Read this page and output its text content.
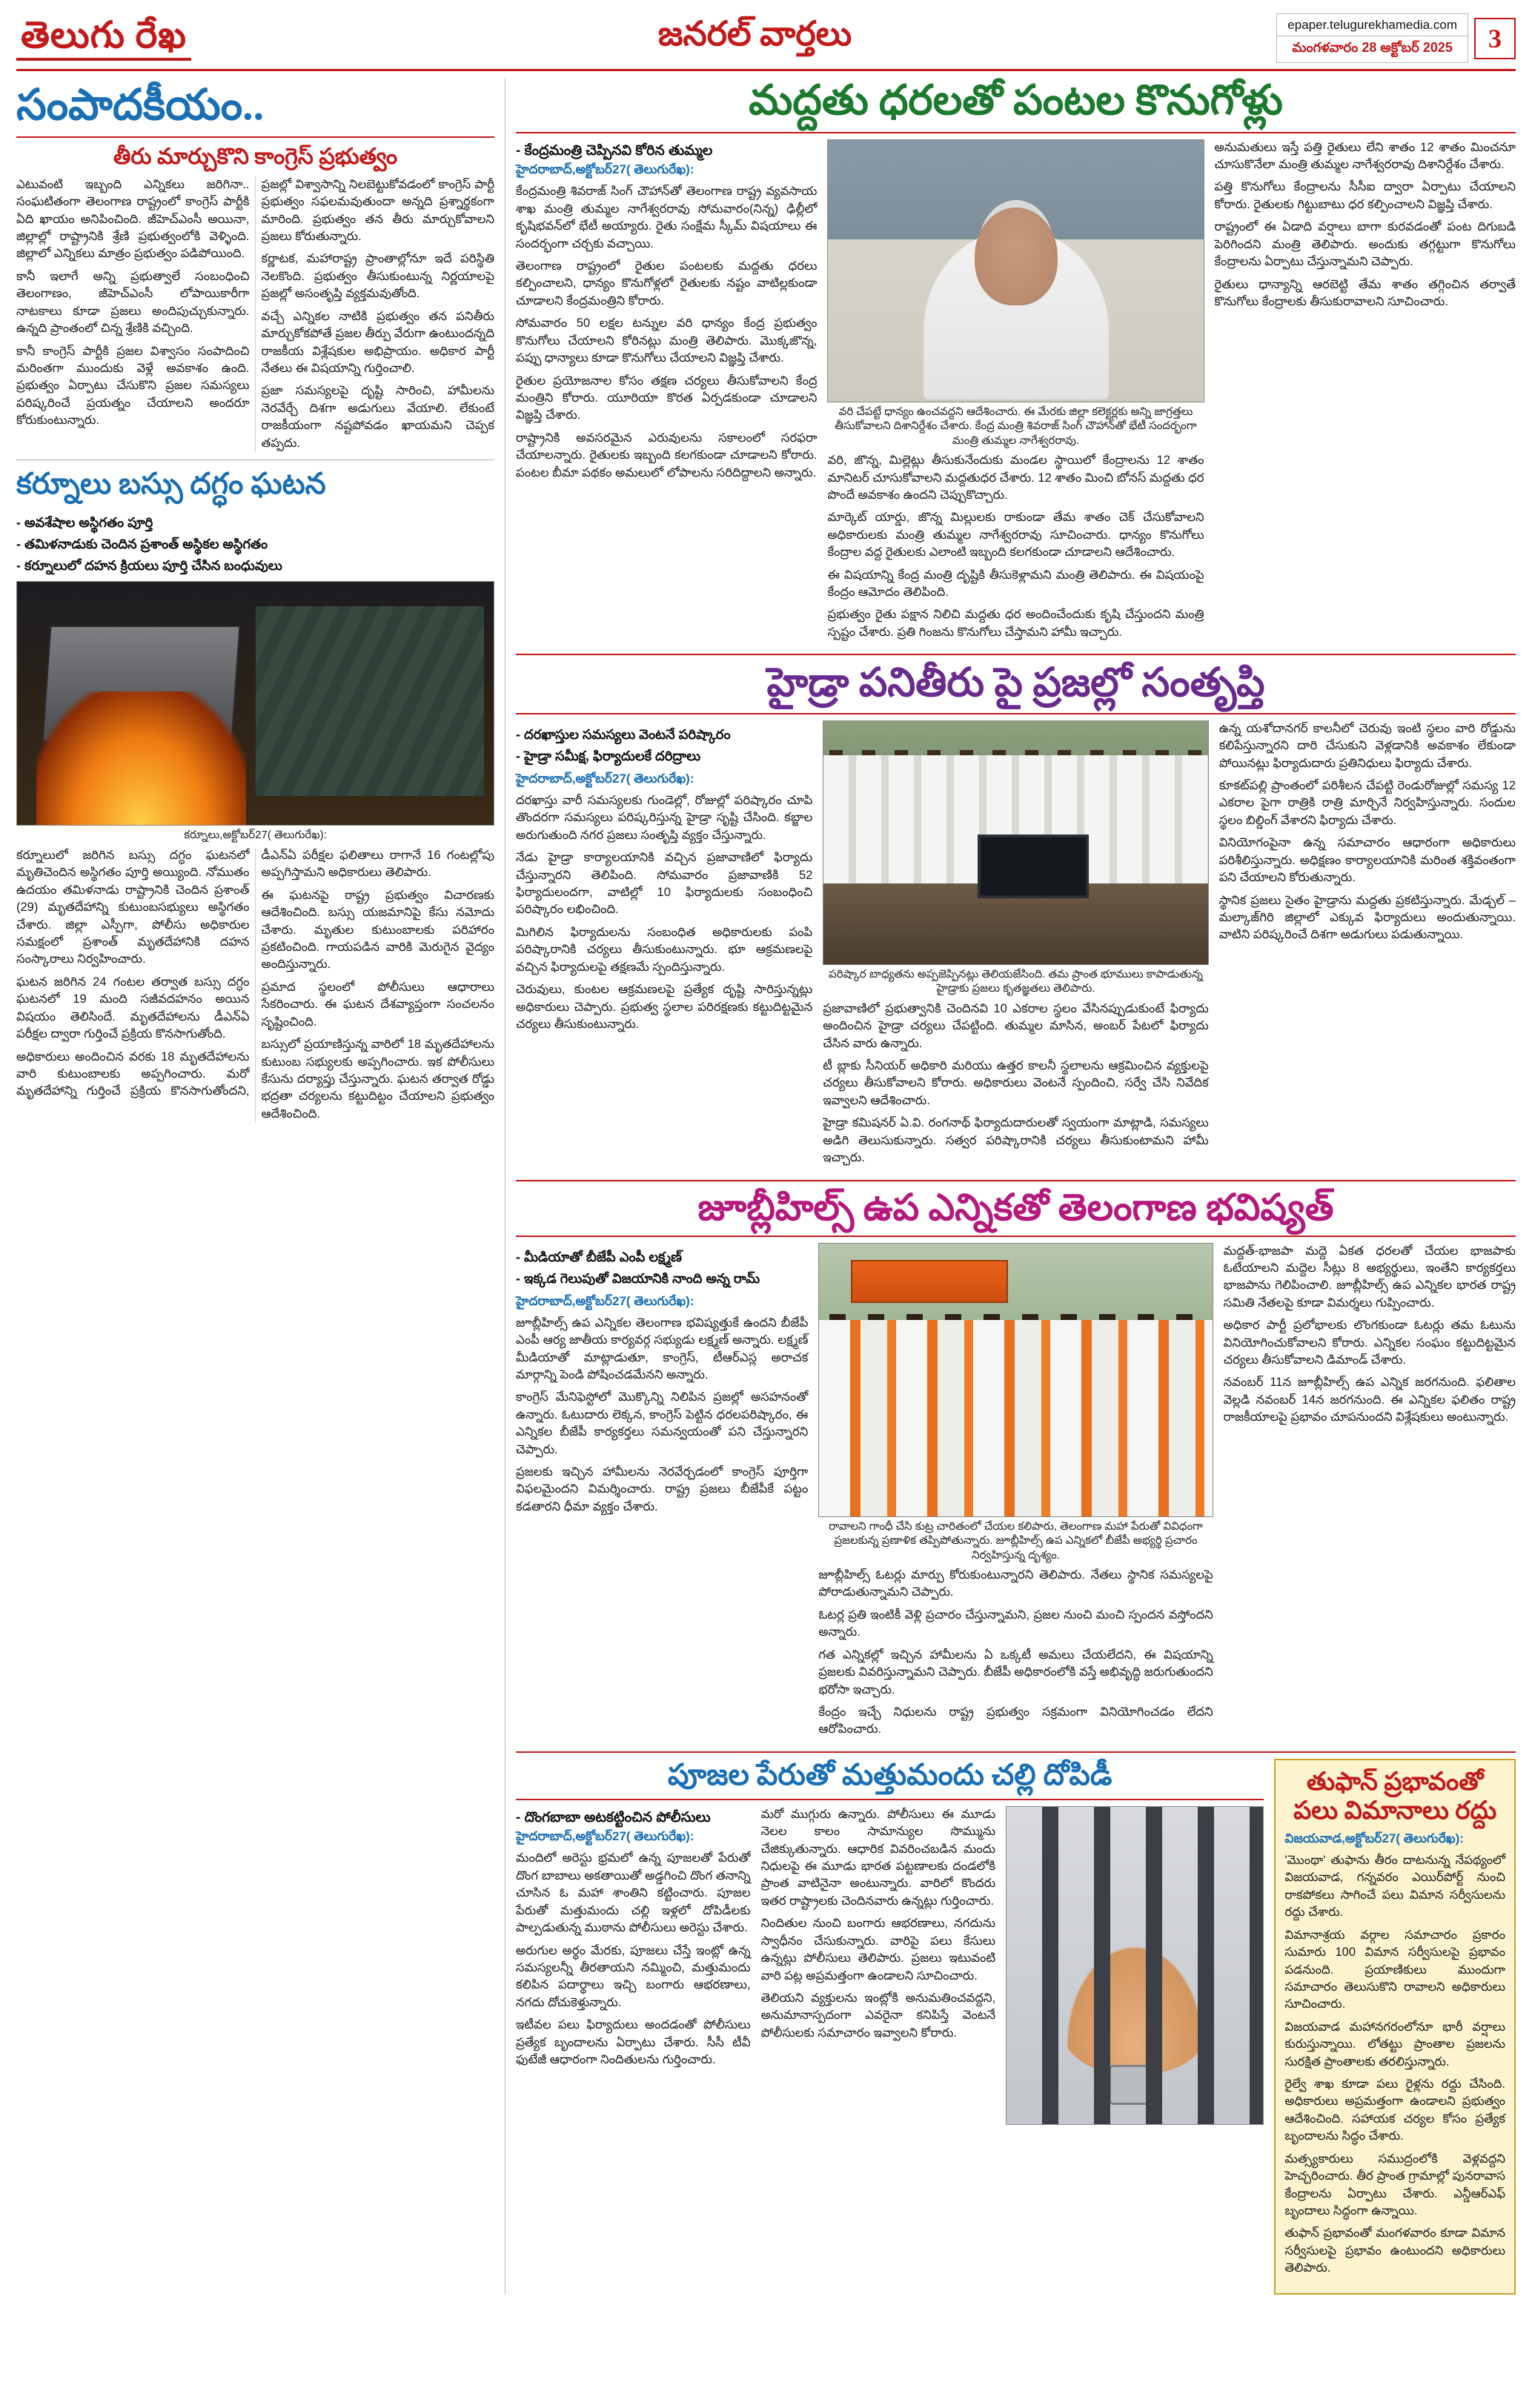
తెలుగు రేఖ	జనరల్ వార్తలు	epaper.telugurekhamedia.com
మంగళవారం 28 అక్టోబర్ 2025	3
సంపాదకీయం..
తీరు మార్చుకొని కాంగ్రెస్ ప్రభుత్వం

ఎటువంటి ఇబ్బంది ఎన్నికలు జరిగినా.. సంఘటితంగా తెలంగాణ రాష్ట్రంలో కాంగ్రెస్ పార్టీకి ఏది ఖాయం అనిపించింది. జీహెచ్ఎంసీ అయినా, జిల్లాల్లో రాష్ట్రానికి శ్రేణి ప్రభుత్వంలోకి వెళ్ళింది. జిల్లాలో ఎన్నికలు మాత్రం ప్రభుత్వం పడిపోయింది.

కానీ ఇలాగే అన్ని ప్రభుత్వాలే సంబంధించి తెలంగాణం, జీహెచ్ఎంసీ లోపాయికారీగా నాటకాలు కూడా ప్రజలు అందిపుచ్చుకున్నారు. ఉన్నది ప్రాంతంలో చిన్న శ్రేణికి వచ్చింది.

కానీ కాంగ్రెస్ పార్టీకి ప్రజల విశ్వాసం సంపాదించి మరింతగా ముందుకు వెళ్లే అవకాశం ఉంది. ప్రభుత్వం ఏర్పాటు చేసుకొని ప్రజల సమస్యలు పరిష్కరించే ప్రయత్నం చేయాలని అందరూ కోరుకుంటున్నారు.

ప్రజల్లో విశ్వాసాన్ని నిలబెట్టుకోవడంలో కాంగ్రెస్ పార్టీ ప్రభుత్వం సఫలమవుతుందా అన్నది ప్రశ్నార్థకంగా మారింది. ప్రభుత్వం తన తీరు మార్చుకోవాలని ప్రజలు కోరుతున్నారు.

కర్ణాటక, మహారాష్ట్ర ప్రాంతాల్లోనూ ఇదే పరిస్థితి నెలకొంది. ప్రభుత్వం తీసుకుంటున్న నిర్ణయాలపై ప్రజల్లో అసంతృప్తి వ్యక్తమవుతోంది.

వచ్చే ఎన్నికల నాటికి ప్రభుత్వం తన పనితీరు మార్చుకోకపోతే ప్రజల తీర్పు వేరుగా ఉంటుందన్నది రాజకీయ విశ్లేషకుల అభిప్రాయం. అధికార పార్టీ నేతలు ఈ విషయాన్ని గుర్తించాలి.

ప్రజా సమస్యలపై దృష్టి సారించి, హామీలను నెరవేర్చే దిశగా అడుగులు వేయాలి. లేకుంటే రాజకీయంగా నష్టపోవడం ఖాయమని చెప్పక తప్పదు.

కర్నూలు బస్సు దగ్ధం ఘటన
- అవశేషాల అస్థిగతం పూర్తి
- తమిళనాడుకు చెందిన ప్రశాంత్ అస్థికల అస్థిగతం
- కర్నూలులో దహన క్రియలు పూర్తి చేసిన బంధువులు
కర్నూలు,అక్టోబర్27( తెలుగురేఖ):

కర్నూలులో జరిగిన బస్సు దగ్ధం ఘటనలో మృతిచెందిన అస్థిగతం పూర్తి అయ్యింది. నోముతం ఉదయం తమిళనాడు రాష్ట్రానికి చెందిన ప్రశాంత్ (29) మృతదేహాన్ని కుటుంబసభ్యులు అస్థిగతం చేశారు. జిల్లా ఎస్పీగా, పోలీసు అధికారుల సమక్షంలో ప్రశాంత్ మృతదేహానికి దహన సంస్కారాలు నిర్వహించారు.

ఘటన జరిగిన 24 గంటల తర్వాత బస్సు దగ్ధం ఘటనలో 19 మంది సజీవదహనం అయిన విషయం తెలిసిందే. మృతదేహాలను డీఎన్ఏ పరీక్షల ద్వారా గుర్తించే ప్రక్రియ కొనసాగుతోంది.

అధికారులు అందించిన వరకు 18 మృతదేహాలను వారి కుటుంబాలకు అప్పగించారు. మరో మృతదేహాన్ని గుర్తించే ప్రక్రియ కొనసాగుతోందని, డీఎన్ఏ పరీక్షల ఫలితాలు రాగానే 16 గంటల్లోపు అప్పగిస్తామని అధికారులు తెలిపారు.

ఈ ఘటనపై రాష్ట్ర ప్రభుత్వం విచారణకు ఆదేశించింది. బస్సు యజమానిపై కేసు నమోదు చేశారు. మృతుల కుటుంబాలకు పరిహారం ప్రకటించింది. గాయపడిన వారికి మెరుగైన వైద్యం అందిస్తున్నారు.

ప్రమాద స్థలంలో పోలీసులు ఆధారాలు సేకరించారు. ఈ ఘటన దేశవ్యాప్తంగా సంచలనం సృష్టించింది.

బస్సులో ప్రయాణిస్తున్న వారిలో 18 మృతదేహాలను కుటుంబ సభ్యులకు అప్పగించారు. ఇక పోలీసులు కేసును దర్యాప్తు చేస్తున్నారు. ఘటన తర్వాత రోడ్డు భద్రతా చర్యలను కట్టుదిట్టం చేయాలని ప్రభుత్వం ఆదేశించింది.

మద్దతు ధరలతో పంటల కొనుగోళ్లు
- కేంద్రమంత్రి చెప్పినవి కోరిన తుమ్మల
హైదరాబాద్,అక్టోబర్27( తెలుగురేఖ):

కేంద్రమంత్రి శివరాజ్ సింగ్ చౌహాన్‌తో తెలంగాణ రాష్ట్ర వ్యవసాయ శాఖ మంత్రి తుమ్మల నాగేశ్వరరావు సోమవారం(నిన్న) ఢిల్లీలో కృషిభవన్‌లో భేటీ అయ్యారు. రైతు సంక్షేమ స్కీమ్ విషయాలు ఈ సందర్భంగా చర్చకు వచ్చాయి.

తెలంగాణ రాష్ట్రంలో రైతుల పంటలకు మద్దతు ధరలు కల్పించాలని, ధాన్యం కొనుగోళ్లలో రైతులకు నష్టం వాటిల్లకుండా చూడాలని కేంద్రమంత్రిని కోరారు.

సోమవారం 50 లక్షల టన్నుల వరి ధాన్యం కేంద్ర ప్రభుత్వం కొనుగోలు చేయాలని కోరినట్లు మంత్రి తెలిపారు. మొక్కజొన్న, పప్పు ధాన్యాలు కూడా కొనుగోలు చేయాలని విజ్ఞప్తి చేశారు.

రైతుల ప్రయోజనాల కోసం తక్షణ చర్యలు తీసుకోవాలని కేంద్ర మంత్రిని కోరారు. యూరియా కొరత ఏర్పడకుండా చూడాలని విజ్ఞప్తి చేశారు.

రాష్ట్రానికి అవసరమైన ఎరువులను సకాలంలో సరఫరా చేయాలన్నారు. రైతులకు ఇబ్బంది కలగకుండా చూడాలని కోరారు. పంటల బీమా పథకం అమలులో లోపాలను సరిదిద్దాలని అన్నారు.

వరి చేపట్టే ధాన్యం ఉంచవద్దని ఆదేశించారు. ఈ మేరకు జిల్లా కలెక్టర్లకు అన్ని జాగ్రత్తలు తీసుకోవాలని దిశానిర్దేశం చేశారు. కేంద్ర మంత్రి శివరాజ్ సింగ్ చౌహాన్‌తో భేటీ సందర్భంగా మంత్రి తుమ్మల నాగేశ్వరరావు.

వరి, జొన్న, మిల్లెట్లు తీసుకునేందుకు మండల స్థాయిలో కేంద్రాలను 12 శాతం మానిటర్ చూసుకోవాలని మద్దతుధర చేశారు. 12 శాతం మించి బోనస్ మద్దతు ధర పొందే అవకాశం ఉందని చెప్పుకొచ్చారు.

మార్కెట్ యార్డు, జొన్న మిల్లులకు రాకుండా తేమ శాతం చెక్ చేసుకోవాలని అధికారులకు మంత్రి తుమ్మల నాగేశ్వరరావు సూచించారు. ధాన్యం కొనుగోలు కేంద్రాల వద్ద రైతులకు ఎలాంటి ఇబ్బంది కలగకుండా చూడాలని ఆదేశించారు.

ఈ విషయాన్ని కేంద్ర మంత్రి దృష్టికి తీసుకెళ్లామని మంత్రి తెలిపారు. ఈ విషయంపై కేంద్రం ఆమోదం తెలిపింది.

ప్రభుత్వం రైతు పక్షాన నిలిచి మద్దతు ధర అందించేందుకు కృషి చేస్తుందని మంత్రి స్పష్టం చేశారు. ప్రతి గింజను కొనుగోలు చేస్తామని హామీ ఇచ్చారు.

అనుమతులు ఇస్తే పత్తి రైతులు లేని శాతం 12 శాతం మించనూ చూసుకొనేలా మంత్రి తుమ్మల నాగేశ్వరరావు దిశానిర్దేశం చేశారు.

పత్తి కొనుగోలు కేంద్రాలను సీసీఐ ద్వారా ఏర్పాటు చేయాలని కోరారు. రైతులకు గిట్టుబాటు ధర కల్పించాలని విజ్ఞప్తి చేశారు.

రాష్ట్రంలో ఈ ఏడాది వర్షాలు బాగా కురవడంతో పంట దిగుబడి పెరిగిందని మంత్రి తెలిపారు. అందుకు తగ్గట్టుగా కొనుగోలు కేంద్రాలను ఏర్పాటు చేస్తున్నామని చెప్పారు.

రైతులు ధాన్యాన్ని ఆరబెట్టి తేమ శాతం తగ్గించిన తర్వాతే కొనుగోలు కేంద్రాలకు తీసుకురావాలని సూచించారు.

హైడ్రా పనితీరు పై ప్రజల్లో సంతృప్తి
- దరఖాస్తుల సమస్యలు వెంటనే పరిష్కారం
- హైడ్రా సమీక్ష, ఫిర్యాదులకే దరిద్రాలు
హైదరాబాద్,అక్టోబర్27( తెలుగురేఖ):

దరఖాస్తు వారీ సమస్యలకు గుండెల్లో, రోజుల్లో పరిష్కారం చూపి తొందరగా సమస్యలు పరిష్కరిస్తున్న హైడ్రా సృష్టి చేసింది. కబ్జాల అరుగుతుంది నగర ప్రజలు సంతృప్తి వ్యక్తం చేస్తున్నారు.

నేడు హైడ్రా కార్యాలయానికి వచ్చిన ప్రజావాణిలో ఫిర్యాదు చేస్తున్నారని తెలిపింది. సోమవారం ప్రజావాణికి 52 ఫిర్యాదులందగా, వాటిల్లో 10 ఫిర్యాదులకు సంబంధించి పరిష్కారం లభించింది.

మిగిలిన ఫిర్యాదులను సంబంధిత అధికారులకు పంపి పరిష్కారానికి చర్యలు తీసుకుంటున్నారు. భూ ఆక్రమణలపై వచ్చిన ఫిర్యాదులపై తక్షణమే స్పందిస్తున్నారు.

చెరువులు, కుంటల ఆక్రమణలపై ప్రత్యేక దృష్టి సారిస్తున్నట్లు అధికారులు చెప్పారు. ప్రభుత్వ స్థలాల పరిరక్షణకు కట్టుదిట్టమైన చర్యలు తీసుకుంటున్నారు.

పరిష్కార బాధ్యతను అప్పజెప్పినట్లు తెలియజేసింది. తమ ప్రాంత భూములు కాపాడుతున్న హైడ్రాకు ప్రజలు కృతజ్ఞతలు తెలిపారు.

ప్రజావాణిలో ప్రభుత్వానికి చెందినవి 10 ఎకరాల స్థలం వేసినప్పుడుకుంటే ఫిర్యాదు అందించిన హైడ్రా చర్యలు చేపట్టింది. తుమ్మల మాసిన, అంబర్ పేటలో ఫిర్యాదు చేసిన వారు ఉన్నారు.

టీ బ్లాకు సీనియర్ అధికారి మరియు ఉత్తర కాలనీ స్థలాలను ఆక్రమించిన వ్యక్తులపై చర్యలు తీసుకోవాలని కోరారు. అధికారులు వెంటనే స్పందించి, సర్వే చేసి నివేదిక ఇవ్వాలని ఆదేశించారు.

హైడ్రా కమిషనర్ ఏ.వి. రంగనాథ్ ఫిర్యాదుదారులతో స్వయంగా మాట్లాడి, సమస్యలు అడిగి తెలుసుకున్నారు. సత్వర పరిష్కారానికి చర్యలు తీసుకుంటామని హామీ ఇచ్చారు.

ఉన్న యశోదానగర్ కాలనీలో చెరువు ఇంటి స్థలం వారి రోడ్డును కలిపేస్తున్నారని దారి చేసుకుని వెళ్లడానికి అవకాశం లేకుండా పోయినట్లు ఫిర్యాదుదారు ప్రతినిధులు ఫిర్యాదు చేశారు.

కూకట్‌పల్లి ప్రాంతంలో పరిశీలన చేపట్టి రెండురోజుల్లో సమస్య 12 ఎకరాల పైగా రాత్రికి రాత్రి మార్చినే నిర్వహిస్తున్నారు. సందుల స్థలం బిల్డింగ్ వేశారని ఫిర్యాదు చేశారు.

వినియోగంపైనా ఉన్న సమాచారం ఆధారంగా అధికారులు పరిశీలిస్తున్నారు. అధిక్షణం కార్యాలయానికి మరింత శక్తివంతంగా పని చేయాలని కోరుతున్నారు.

స్థానిక ప్రజలు సైతం హైడ్రాను మద్దతు ప్రకటిస్తున్నారు. మేడ్చల్ – మల్కాజ్‌గిరి జిల్లాలో ఎక్కువ ఫిర్యాదులు అందుతున్నాయి. వాటిని పరిష్కరించే దిశగా అడుగులు పడుతున్నాయి.

జూబ్లీహిల్స్ ఉప ఎన్నికతో తెలంగాణ భవిష్యత్
- మీడియాతో బీజేపీ ఎంపీ లక్ష్మణ్
- ఇక్కడ గెలుపుతో విజయానికి నాంది అన్న రామ్
హైదరాబాద్,అక్టోబర్27( తెలుగురేఖ):

జూబ్లీహిల్స్ ఉప ఎన్నికల తెలంగాణ భవిష్యత్తుకే ఉందని బీజేపీ ఎంపీ ఆర్య జాతీయ కార్యవర్గ సభ్యుడు లక్ష్మణ్ అన్నారు. లక్ష్మణ్ మీడియాతో మాట్లాడుతూ, కాంగ్రెస్, టీఆర్ఎస్ల అరాచక మార్గాన్ని పెండి పోషించడమేనని అన్నారు.

కాంగ్రెస్ మేనిఫెస్టోలో మొక్కొన్ని నిలిపిన ప్రజల్లో అసహనంతో ఉన్నారు. ఓటుదారు లెక్కన, కాంగ్రెస్ పెట్టిన ధరలపరిష్కారం, ఈ ఎన్నికల బీజేపీ కార్యకర్తలు సమన్వయంతో పని చేస్తున్నారని చెప్పారు.

ప్రజలకు ఇచ్చిన హామీలను నెరవేర్చడంలో కాంగ్రెస్ పూర్తిగా విఫలమైందని విమర్శించారు. రాష్ట్ర ప్రజలు బీజేపీకే పట్టం కడతారని ధీమా వ్యక్తం చేశారు.

రావాలని గాంధీ చేసి కుట్ర చారితంలో చేయల కలిపారు, తెలంగాణ మహా పేరుతో వివిధంగా ప్రజలకున్న ప్రణాళిక తప్పిపోతున్నారు. జూబ్లీహిల్స్ ఉప ఎన్నికలో బీజేపీ అభ్యర్థి ప్రచారం నిర్వహిస్తున్న దృశ్యం.

జూబ్లీహిల్స్ ఓటర్లు మార్పు కోరుకుంటున్నారని తెలిపారు. నేతలు స్థానిక సమస్యలపై పోరాడుతున్నామని చెప్పారు.

ఓటర్ల ప్రతి ఇంటికీ వెళ్లి ప్రచారం చేస్తున్నామని, ప్రజల నుంచి మంచి స్పందన వస్తోందని అన్నారు.

గత ఎన్నికల్లో ఇచ్చిన హామీలను ఏ ఒక్కటీ అమలు చేయలేదని, ఈ విషయాన్ని ప్రజలకు వివరిస్తున్నామని చెప్పారు. బీజేపీ అధికారంలోకి వస్తే అభివృద్ధి జరుగుతుందని భరోసా ఇచ్చారు.

కేంద్రం ఇచ్చే నిధులను రాష్ట్ర ప్రభుత్వం సక్రమంగా వినియోగించడం లేదని ఆరోపించారు.

మద్దత్‌-భాజపా మద్దె ఏకత ధరలతో చేయల భాజపాకు ఓటేయాలని మద్దెల సీట్లు 8 అభ్యర్థులు, ఇంతేని కార్యకర్తలు భాజపాను గెలిపించాలి. జూబ్లీహిల్స్ ఉప ఎన్నికల భారత రాష్ట్ర సమితి నేతలపై కూడా విమర్శలు గుప్పించారు.

అధికార పార్టీ ప్రలోభాలకు లొంగకుండా ఓటర్లు తమ ఓటును వినియోగించుకోవాలని కోరారు. ఎన్నికల సంఘం కట్టుదిట్టమైన చర్యలు తీసుకోవాలని డిమాండ్ చేశారు.

నవంబర్ 11న జూబ్లీహిల్స్ ఉప ఎన్నిక జరగనుంది. ఫలితాల వెల్లడి నవంబర్ 14న జరగనుంది. ఈ ఎన్నికల ఫలితం రాష్ట్ర రాజకీయాలపై ప్రభావం చూపనుందని విశ్లేషకులు అంటున్నారు.

పూజల పేరుతో మత్తుమందు చల్లి దోపిడీ
- దొంగబాబా అటకట్టించిన పోలీసులు
హైదరాబాద్,అక్టోబర్27( తెలుగురేఖ):

మందిలో అరెస్టు భ్రమలో ఉన్న పూజలతో పేరుతో దొంగ బాబాలు అకతాయితో అడ్డగించి దొంగ తనాన్ని చూసిన ఓ మహా శాంతిని కట్టించారు. పూజల పేరుతో మత్తుమందు చల్లి ఇళ్లలో దోపిడీలకు పాల్పడుతున్న ముఠాను పోలీసులు అరెస్టు చేశారు.

అరుగుల అర్థం మేరకు, పూజలు చేస్తే ఇంట్లో ఉన్న సమస్యలన్నీ తీరతాయని నమ్మించి, మత్తుమందు కలిపిన పదార్థాలు ఇచ్చి బంగారు ఆభరణాలు, నగదు దోచుకెళ్తున్నారు.

ఇటీవల పలు ఫిర్యాదులు అందడంతో పోలీసులు ప్రత్యేక బృందాలను ఏర్పాటు చేశారు. సీసీ టీవీ ఫుటేజీ ఆధారంగా నిందితులను గుర్తించారు.

మరో ముగ్గురు ఉన్నారు. పోలీసులు ఈ మూడు నెలల కాలం సామాన్యుల సొమ్మును చేజిక్కుతున్నారు. ఆధారిక వివరించబడిన మందు నిధులపై ఈ మూడు భారత పట్టణాలకు దండలోకి ప్రాంత వాటినైనా అంటున్నారు. వారిలో కొందరు ఇతర రాష్ట్రాలకు చెందినవారు ఉన్నట్లు గుర్తించారు.

నిందితుల నుంచి బంగారు ఆభరణాలు, నగదును స్వాధీనం చేసుకున్నారు. వారిపై పలు కేసులు ఉన్నట్లు పోలీసులు తెలిపారు. ప్రజలు ఇటువంటి వారి పట్ల అప్రమత్తంగా ఉండాలని సూచించారు.

తెలియని వ్యక్తులను ఇంట్లోకి అనుమతించవద్దని, అనుమానాస్పదంగా ఎవరైనా కనిపిస్తే వెంటనే పోలీసులకు సమాచారం ఇవ్వాలని కోరారు.

తుఫాన్ ప్రభావంతో పలు విమానాలు రద్దు
విజయవాడ,అక్టోబర్27( తెలుగురేఖ):

'మొంథా' తుఫాను తీరం దాటనున్న నేపథ్యంలో విజయవాడ, గన్నవరం ఎయిర్‌పోర్ట్ నుంచి రాకపోకలు సాగించే పలు విమాన సర్వీసులను రద్దు చేశారు.

విమానాశ్రయ వర్గాల సమాచారం ప్రకారం సుమారు 100 విమాన సర్వీసులపై ప్రభావం పడనుంది. ప్రయాణికులు ముందుగా సమాచారం తెలుసుకొని రావాలని అధికారులు సూచించారు.

విజయవాడ మహానగరంలోనూ భారీ వర్షాలు కురుస్తున్నాయి. లోతట్టు ప్రాంతాల ప్రజలను సురక్షిత ప్రాంతాలకు తరలిస్తున్నారు.

రైల్వే శాఖ కూడా పలు రైళ్లను రద్దు చేసింది. అధికారులు అప్రమత్తంగా ఉండాలని ప్రభుత్వం ఆదేశించింది. సహాయక చర్యల కోసం ప్రత్యేక బృందాలను సిద్ధం చేశారు.

మత్స్యకారులు సముద్రంలోకి వెళ్లవద్దని హెచ్చరించారు. తీర ప్రాంత గ్రామాల్లో పునరావాస కేంద్రాలను ఏర్పాటు చేశారు. ఎన్డీఆర్ఎఫ్ బృందాలు సిద్ధంగా ఉన్నాయి.

తుఫాన్ ప్రభావంతో మంగళవారం కూడా విమాన సర్వీసులపై ప్రభావం ఉంటుందని అధికారులు తెలిపారు.
